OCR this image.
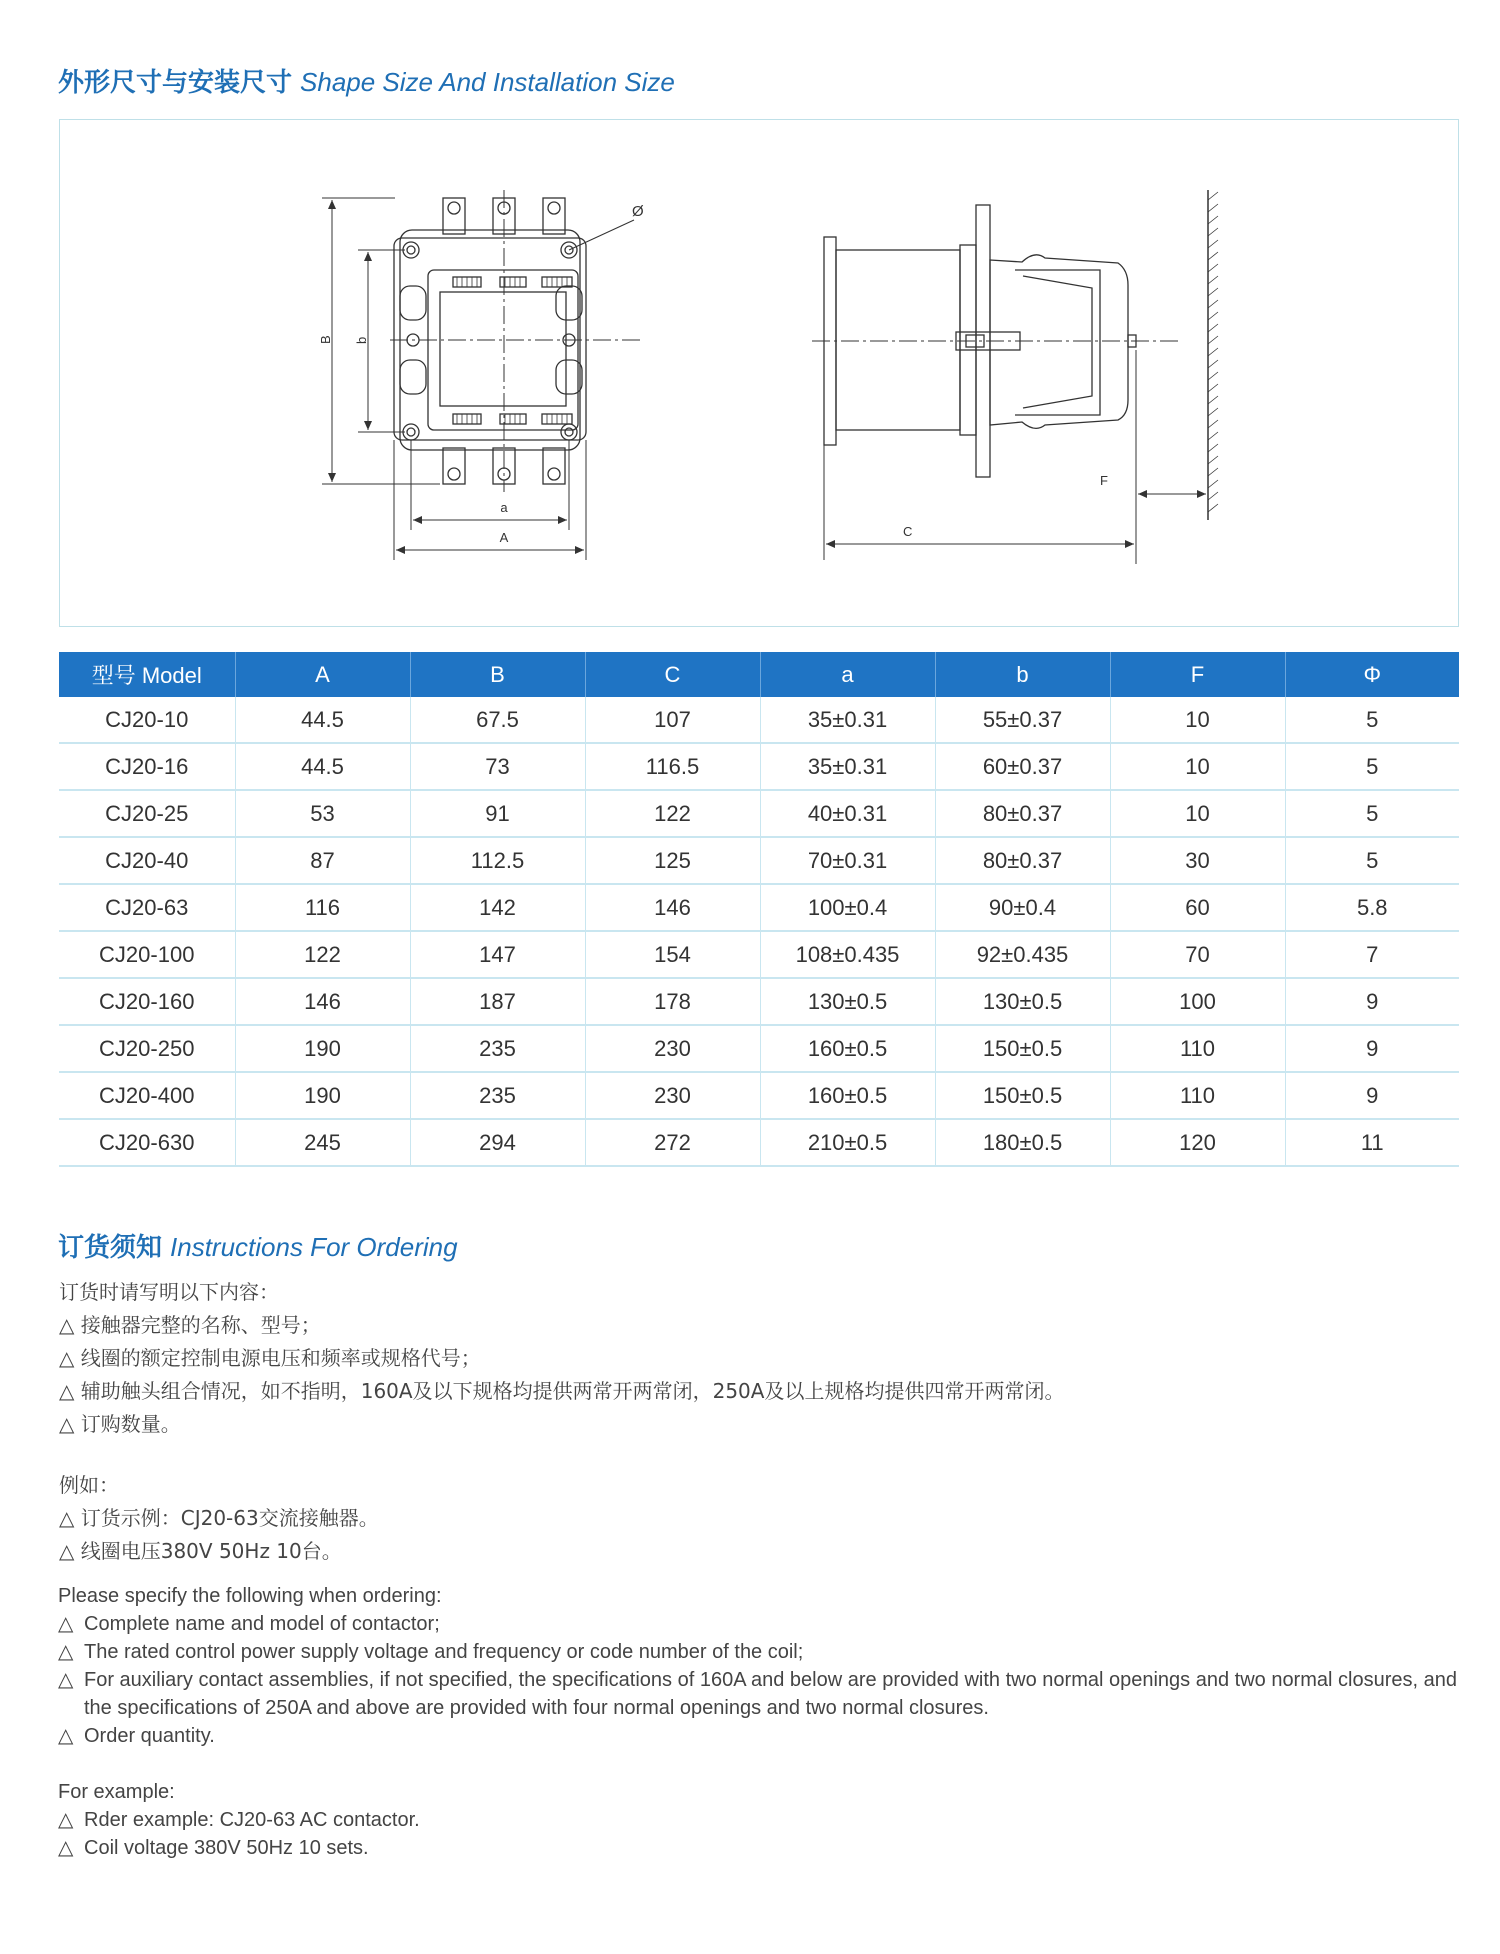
外形尺寸与安装尺寸 Shape Size And Installation Size
Ø
B b
a
A
F
C
型号 Model	A	B	C	a	b	F	Φ
CJ20-10	44.5	67.5	107	35±0.31	55±0.37	10	5
CJ20-16	44.5	73	116.5	35±0.31	60±0.37	10	5
CJ20-25	53	91	122	40±0.31	80±0.37	10	5
CJ20-40	87	112.5	125	70±0.31	80±0.37	30	5
CJ20-63	116	142	146	100±0.4	90±0.4	60	5.8
CJ20-100	122	147	154	108±0.435	92±0.435	70	7
CJ20-160	146	187	178	130±0.5	130±0.5	100	9
CJ20-250	190	235	230	160±0.5	150±0.5	110	9
CJ20-400	190	235	230	160±0.5	150±0.5	110	9
CJ20-630	245	294	272	210±0.5	180±0.5	120	11
订货须知 Instructions For Ordering
订货时请写明以下内容：
△ 接触器完整的名称、型号；
△ 线圈的额定控制电源电压和频率或规格代号；
△ 辅助触头组合情况，如不指明，160A及以下规格均提供两常开两常闭，250A及以上规格均提供四常开两常闭。
△ 订购数量。
例如：
△ 订货示例：CJ20-63交流接触器。
△ 线圈电压380V 50Hz 10台。
Please specify the following when ordering:
△ Complete name and model of contactor;
△ The rated control power supply voltage and frequency or code number of the coil;
△ For auxiliary contact assemblies, if not specified, the specifications of 160A and below are provided with two normal openings and two normal closures, and the specifications of 250A and above are provided with four normal openings and two normal closures.
△ Order quantity.
For example:
△ Rder example: CJ20-63 AC contactor.
△ Coil voltage 380V 50Hz 10 sets.
